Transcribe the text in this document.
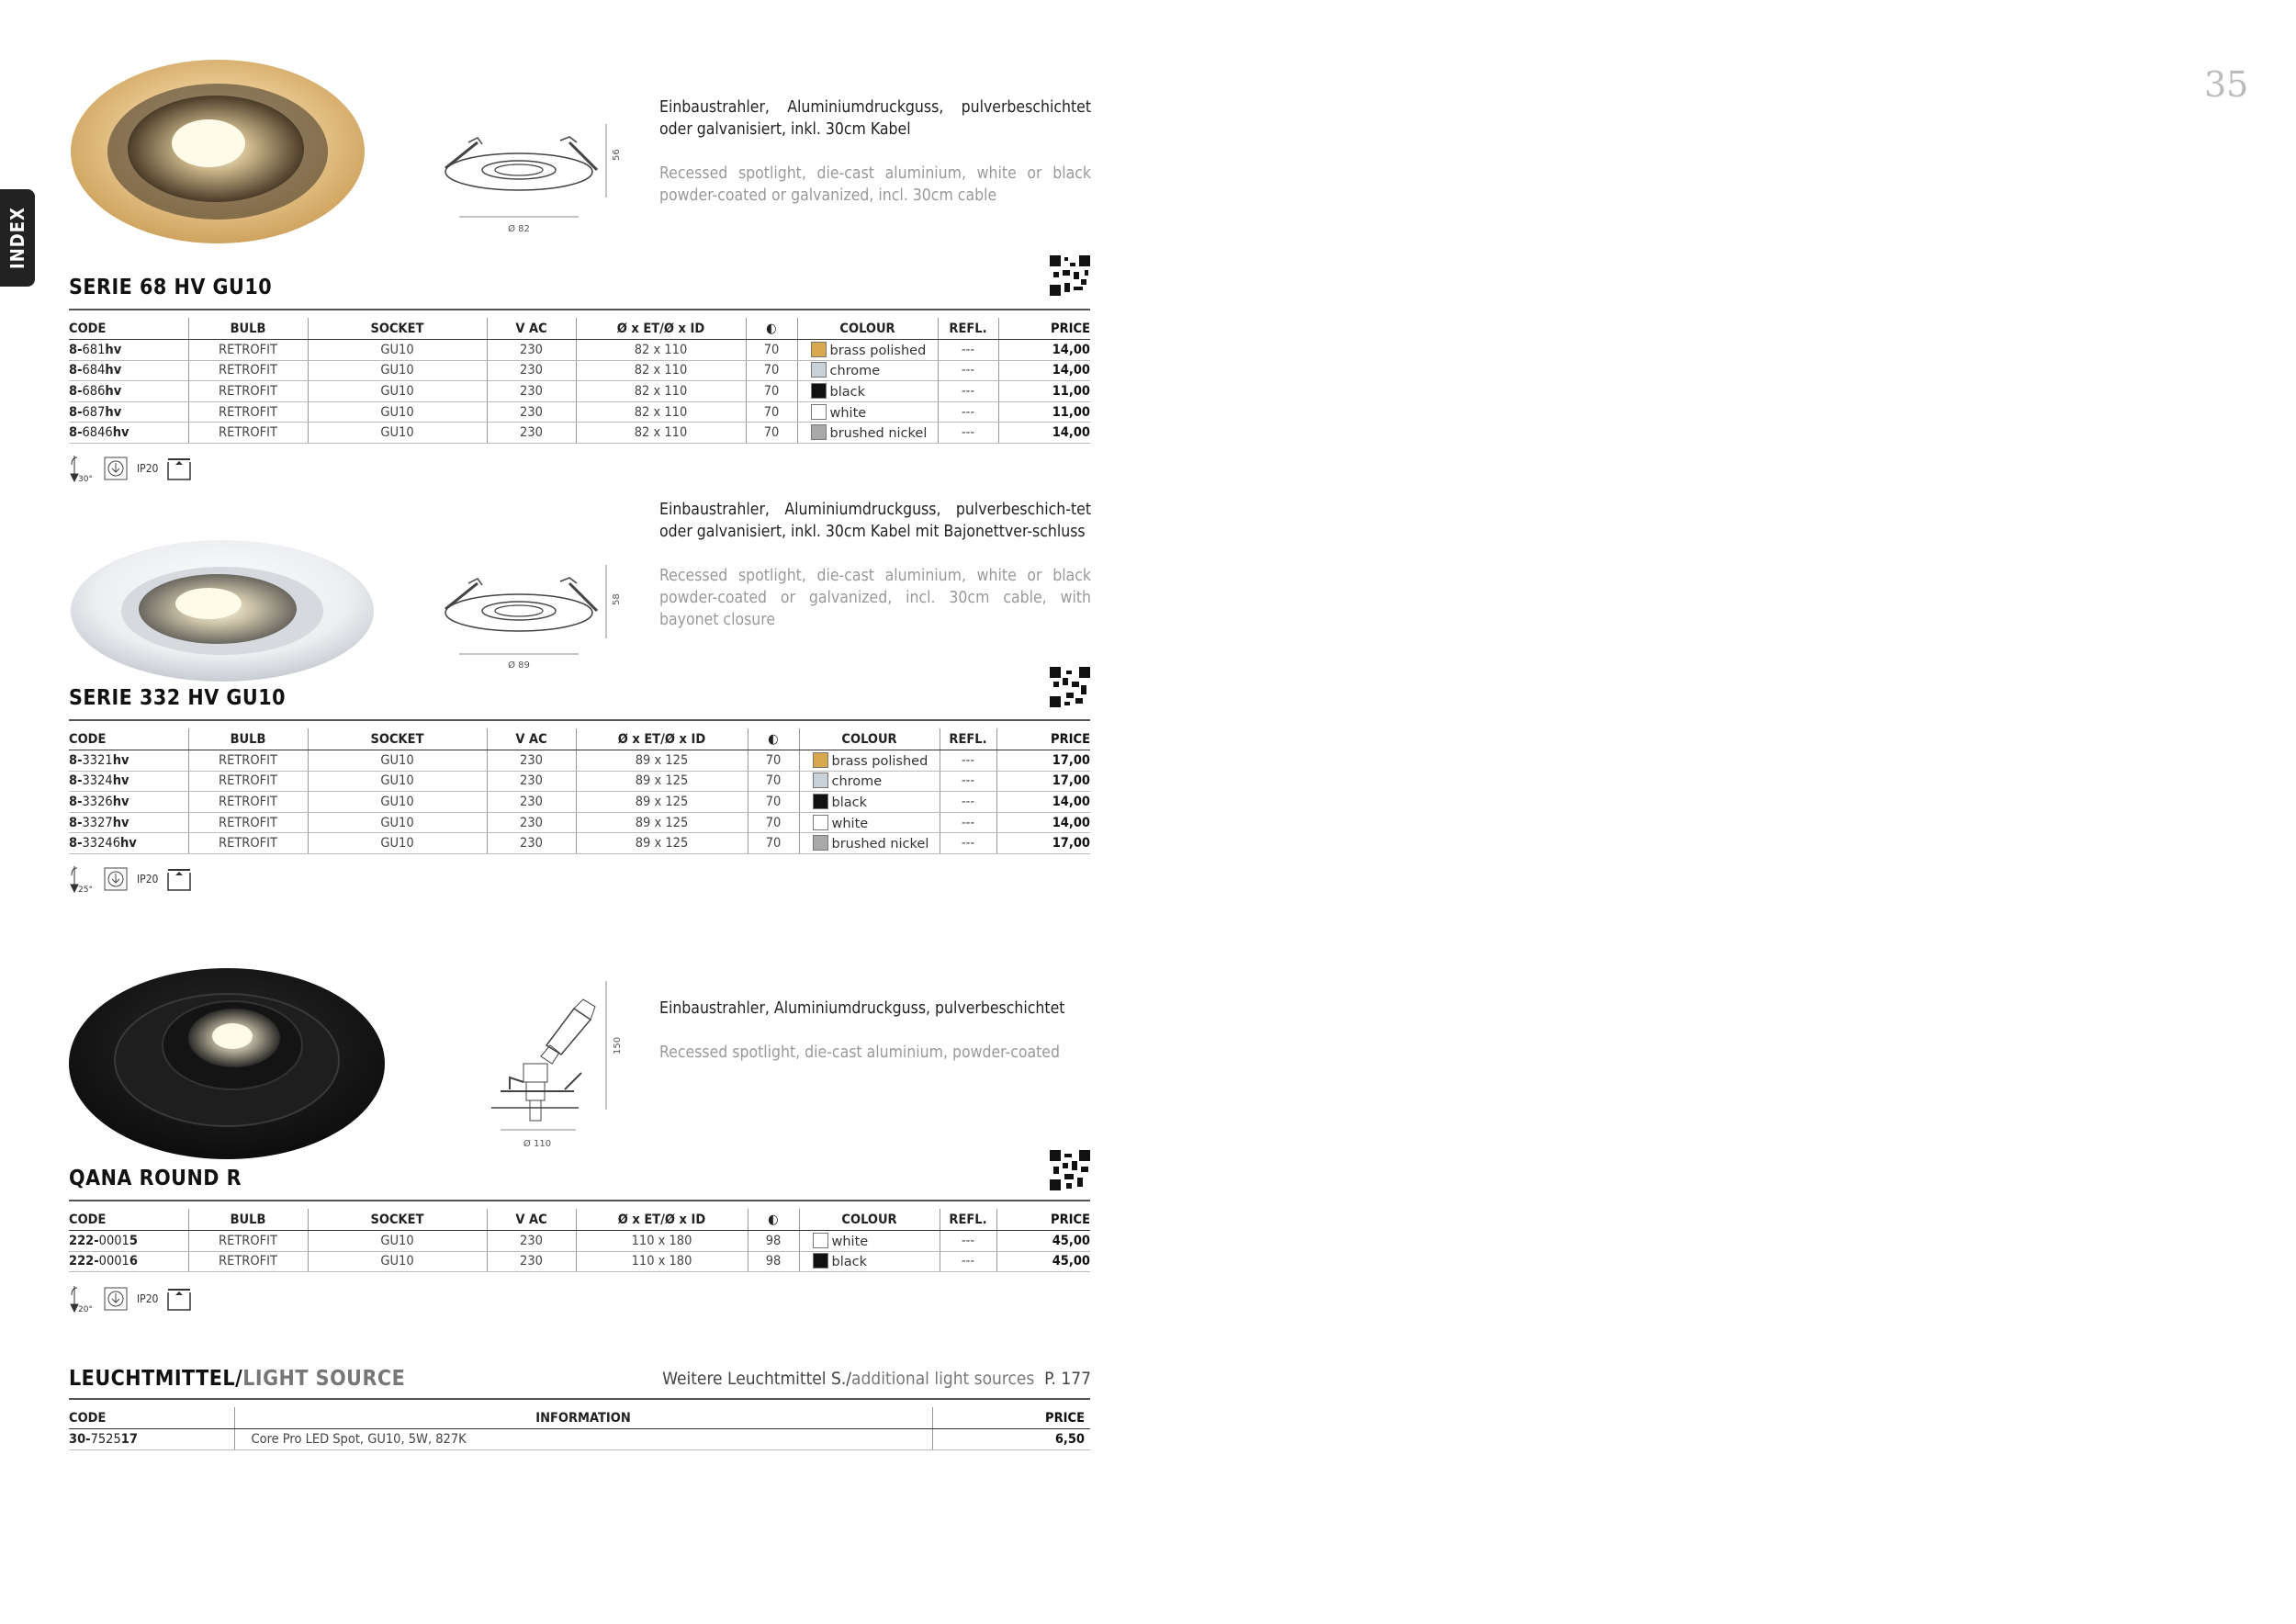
35
INDEX	Ø 82
56
Einbaustrahler, Aluminiumdruckguss, pulverbeschichtet oder galvanisiert, inkl. 30cm Kabel
Recessed spotlight, die-cast aluminium, white or black powder-coated or galvanized, incl. 30cm cable
SERIE 68 HV GU10
CODE	BULB	SOCKET	V AC	Ø x ET/Ø x ID	◐	COLOUR	REFL.	PRICE
8-681hv	RETROFIT	GU10	230	82 x 110	70	brass polished	---	14,00
8-684hv	RETROFIT	GU10	230	82 x 110	70	chrome	---	14,00
8-686hv	RETROFIT	GU10	230	82 x 110	70	black	---	11,00
8-687hv	RETROFIT	GU10	230	82 x 110	70	white	---	11,00
8-6846hv	RETROFIT	GU10	230	82 x 110	70	brushed nickel	---	14,00
30°
IP20
Ø 89
58
Einbaustrahler, Aluminiumdruckguss, pulverbeschich-tet oder galvanisiert, inkl. 30cm Kabel mit Bajonettver-schluss
Recessed spotlight, die-cast aluminium, white or black powder-coated or galvanized, incl. 30cm cable, with bayonet closure
SERIE 332 HV GU10
CODE	BULB	SOCKET	V AC	Ø x ET/Ø x ID	◐	COLOUR	REFL.	PRICE
8-3321hv	RETROFIT	GU10	230	89 x 125	70	brass polished	---	17,00
8-3324hv	RETROFIT	GU10	230	89 x 125	70	chrome	---	17,00
8-3326hv	RETROFIT	GU10	230	89 x 125	70	black	---	14,00
8-3327hv	RETROFIT	GU10	230	89 x 125	70	white	---	14,00
8-33246hv	RETROFIT	GU10	230	89 x 125	70	brushed nickel	---	17,00
25°
IP20
Ø 110
150
Einbaustrahler, Aluminiumdruckguss, pulverbeschichtet
Recessed spotlight, die-cast aluminium, powder-coated
QANA ROUND R
CODE	BULB	SOCKET	V AC	Ø x ET/Ø x ID	◐	COLOUR	REFL.	PRICE
222-00015	RETROFIT	GU10	230	110 x 180	98	white	---	45,00
222-00016	RETROFIT	GU10	230	110 x 180	98	black	---	45,00
20°
IP20
LEUCHTMITTEL/LIGHT SOURCE	Weitere Leuchtmittel S./additional light sources P. 177
CODE	INFORMATION	PRICE
30-752517	Core Pro LED Spot, GU10, 5W, 827K	6,50
